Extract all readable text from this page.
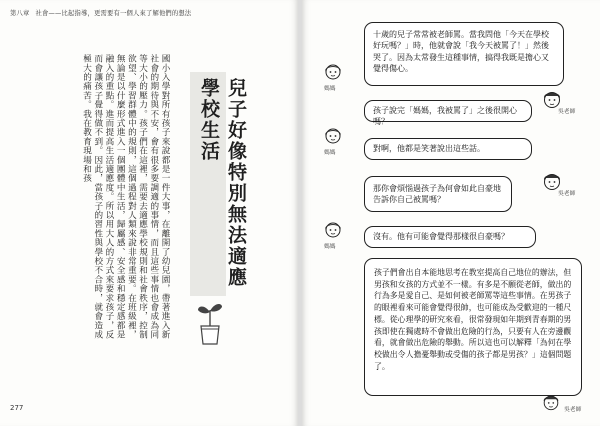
第八章 社會——比起指導，更需要有一個人來了解他們的想法
國小入學對所有孩子來說都是一件大事，在離開了幼兒園，帶著進入新社會的期待與不安，會有很多要調適的事情，而且這些事情也會成為同等大小的壓力。孩子們在這裡，需要去適應學校規則和社會秩序，控制欲望、學習群體中的規則，這個過程對人類來說非常重要。在班級裡，無論是以什麼形式進入一個團體中生活，歸屬感、安全感和穩定感都是融入的重點。進而提高生活適應度。所以用大人的方式來要求孩子，反而會讓孩子覺得做不到。因此，當孩子的習性與學校不合時，就會造成極大的痛苦。我在教育現場和孩	兒子好像特別無法適應學校生活
277
媽媽
十歲的兒子常常被老師罵。當我問他「今天在學校好玩嗎？」時，他就會說「我今天被罵了！」然後哭了。因為太常發生這種事情，搞得我既是擔心又覺得傷心。
吳老師
孩子說完「媽媽，我被罵了」之後很開心嗎？
媽媽	對啊，他都是笑著說出這些話。
吳老師
那你會煩惱過孩子為何會如此自豪地告訴你自己被罵嗎？
媽媽
沒有。他有可能會覺得那樣很自豪嗎？
孩子們會出自本能地思考在教室提高自己地位的辦法，但男孩和女孩的方式並不一樣。有多是不願從老師，做出的行為多是愛自己、是如何被老師罵等這些事情。在男孩子的眼裡看來可能會覺得很帥，也可能成為受歡迎的一種尺標。從心理學的研究來看，很常發現如年期到青春期的男孩即使在獨處時不會做出危險的行為，只要有人在旁邊觀看，就會做出危險的舉動。所以這也可以解釋「為何在學校做出令人擔憂舉動或受傷的孩子都是男孩？」這個問題了。
吳老師
